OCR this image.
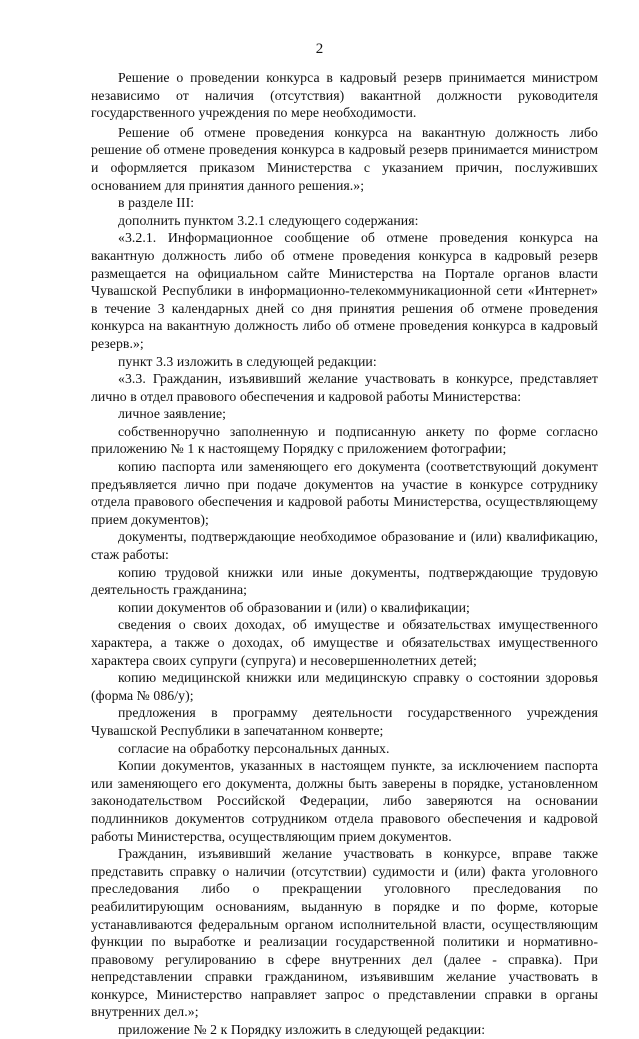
2

Решение о проведении конкурса в кадровый резерв принимается министром независимо от наличия (отсутствия) вакантной должности руководителя государственного учреждения по мере необходимости.

Решение об отмене проведения конкурса на вакантную должность либо решение об отмене проведения конкурса в кадровый резерв принимается министром и оформляется приказом Министерства с указанием причин, послуживших основанием для принятия данного решения.»;

в разделе III:

дополнить пунктом 3.2.1 следующего содержания:

«3.2.1. Информационное сообщение об отмене проведения конкурса на вакантную должность либо об отмене проведения конкурса в кадровый резерв размещается на официальном сайте Министерства на Портале органов власти Чувашской Республики в информационно-телекоммуникационной сети «Интернет» в течение 3 календарных дней со дня принятия решения об отмене проведения конкурса на вакантную должность либо об отмене проведения конкурса в кадровый резерв.»;

пункт 3.3 изложить в следующей редакции:

«3.3. Гражданин, изъявивший желание участвовать в конкурсе, представляет лично в отдел правового обеспечения и кадровой работы Министерства:

личное заявление;

собственноручно заполненную и подписанную анкету по форме согласно приложению № 1 к настоящему Порядку с приложением фотографии;

копию паспорта или заменяющего его документа (соответствующий документ предъявляется лично при подаче документов на участие в конкурсе сотруднику отдела правового обеспечения и кадровой работы Министерства, осуществляющему прием документов);

документы, подтверждающие необходимое образование и (или) квалификацию, стаж работы:

копию трудовой книжки или иные документы, подтверждающие трудовую деятельность гражданина;

копии документов об образовании и (или) о квалификации;

сведения о своих доходах, об имуществе и обязательствах имущественного характера, а также о доходах, об имуществе и обязательствах имущественного характера своих супруги (супруга) и несовершеннолетних детей;

копию медицинской книжки или медицинскую справку о состоянии здоровья (форма № 086/у);

предложения в программу деятельности государственного учреждения Чувашской Республики в запечатанном конверте;

согласие на обработку персональных данных.

Копии документов, указанных в настоящем пункте, за исключением паспорта или заменяющего его документа, должны быть заверены в порядке, установленном законодательством Российской Федерации, либо заверяются на основании подлинников документов сотрудником отдела правового обеспечения и кадровой работы Министерства, осуществляющим прием документов.

Гражданин, изъявивший желание участвовать в конкурсе, вправе также представить справку о наличии (отсутствии) судимости и (или) факта уголовного преследования либо о прекращении уголовного преследования по реабилитирующим основаниям, выданную в порядке и по форме, которые устанавливаются федеральным органом исполнительной власти, осуществляющим функции по выработке и реализации государственной политики и нормативно-правовому регулированию в сфере внутренних дел (далее - справка). При непредставлении справки гражданином, изъявившим желание участвовать в конкурсе, Министерство направляет запрос о представлении справки в органы внутренних дел.»;

приложение № 2 к Порядку изложить в следующей редакции:
